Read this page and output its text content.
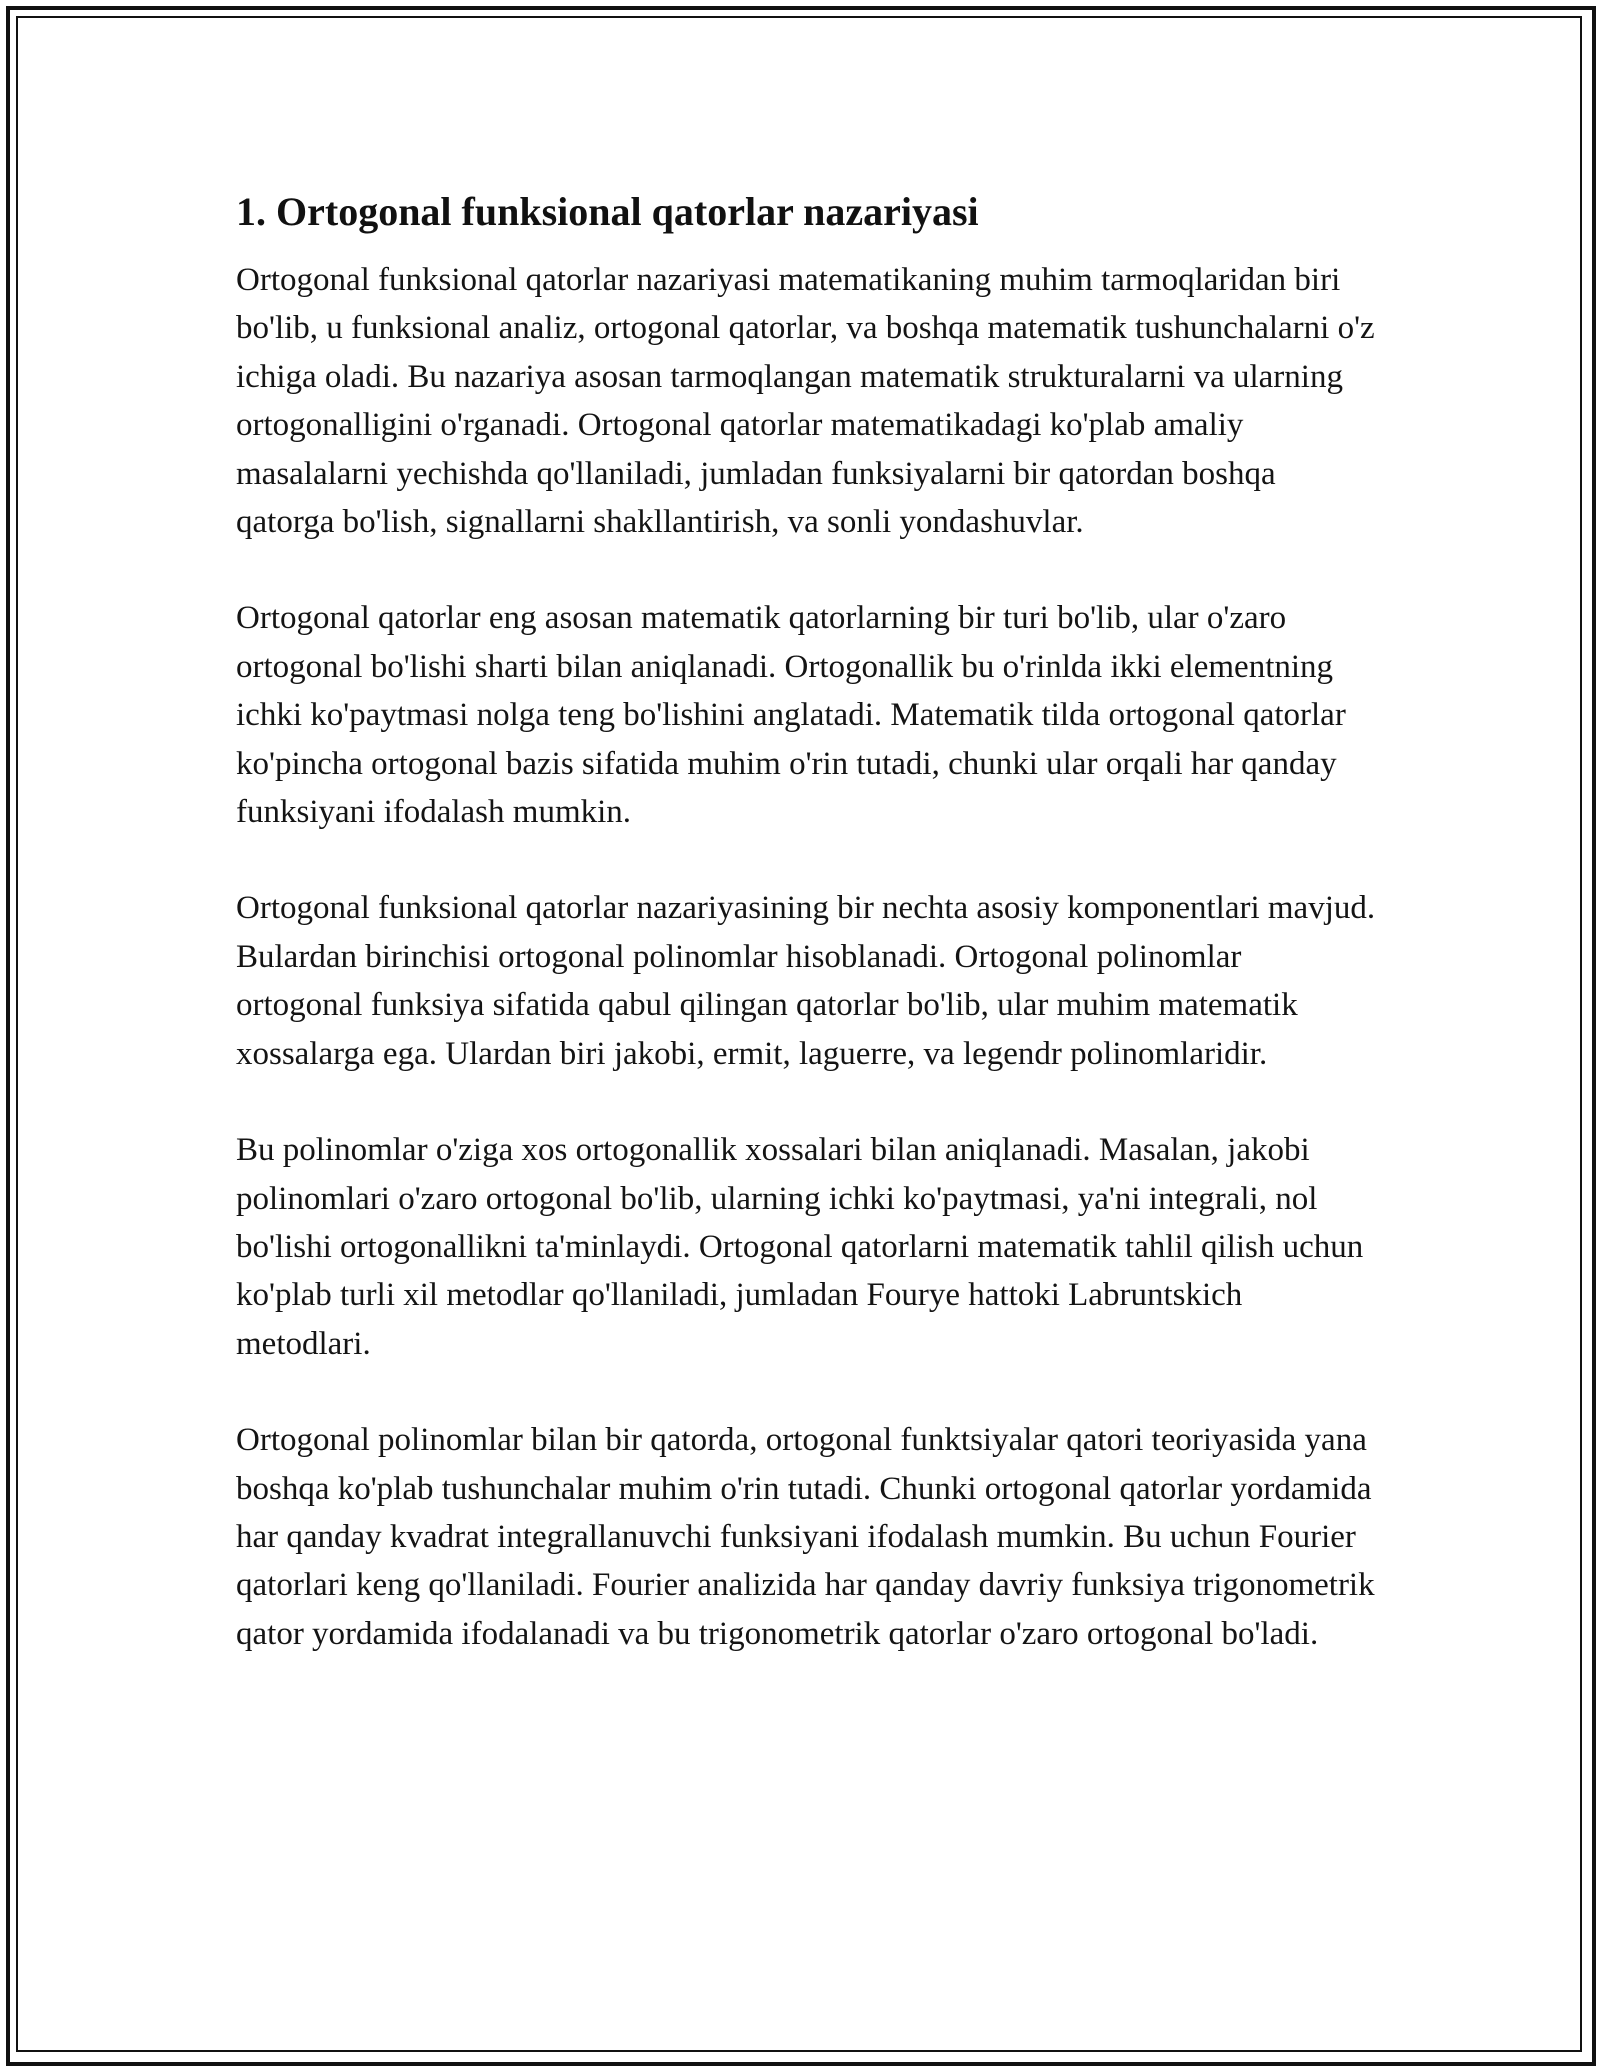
1. Ortogonal funksional qatorlar nazariyasi

Ortogonal funksional qatorlar nazariyasi matematikaning muhim tarmoqlaridan biri bo'lib, u funksional analiz, ortogonal qatorlar, va boshqa matematik tushunchalarni o'z ichiga oladi. Bu nazariya asosan tarmoqlangan matematik strukturalarni va ularning ortogonalligini o'rganadi. Ortogonal qatorlar matematikadagi ko'plab amaliy masalalarni yechishda qo'llaniladi, jumladan funksiyalarni bir qatordan boshqa qatorga bo'lish, signallarni shakllantirish, va sonli yondashuvlar.

Ortogonal qatorlar eng asosan matematik qatorlarning bir turi bo'lib, ular o'zaro ortogonal bo'lishi sharti bilan aniqlanadi. Ortogonallik bu o'rinlda ikki elementning ichki ko'paytmasi nolga teng bo'lishini anglatadi. Matematik tilda ortogonal qatorlar ko'pincha ortogonal bazis sifatida muhim o'rin tutadi, chunki ular orqali har qanday funksiyani ifodalash mumkin.

Ortogonal funksional qatorlar nazariyasining bir nechta asosiy komponentlari mavjud. Bulardan birinchisi ortogonal polinomlar hisoblanadi. Ortogonal polinomlar ortogonal funksiya sifatida qabul qilingan qatorlar bo'lib, ular muhim matematik xossalarga ega. Ulardan biri jakobi, ermit, laguerre, va legendr polinomlaridir.

Bu polinomlar o'ziga xos ortogonallik xossalari bilan aniqlanadi. Masalan, jakobi polinomlari o'zaro ortogonal bo'lib, ularning ichki ko'paytmasi, ya'ni integrali, nol bo'lishi ortogonallikni ta'minlaydi. Ortogonal qatorlarni matematik tahlil qilish uchun ko'plab turli xil metodlar qo'llaniladi, jumladan Fourye hattoki Labruntskich metodlari.

Ortogonal polinomlar bilan bir qatorda, ortogonal funktsiyalar qatori teoriyasida yana boshqa ko'plab tushunchalar muhim o'rin tutadi. Chunki ortogonal qatorlar yordamida har qanday kvadrat integrallanuvchi funksiyani ifodalash mumkin. Bu uchun Fourier qatorlari keng qo'llaniladi. Fourier analizida har qanday davriy funksiya trigonometrik qator yordamida ifodalanadi va bu trigonometrik qatorlar o'zaro ortogonal bo'ladi.
